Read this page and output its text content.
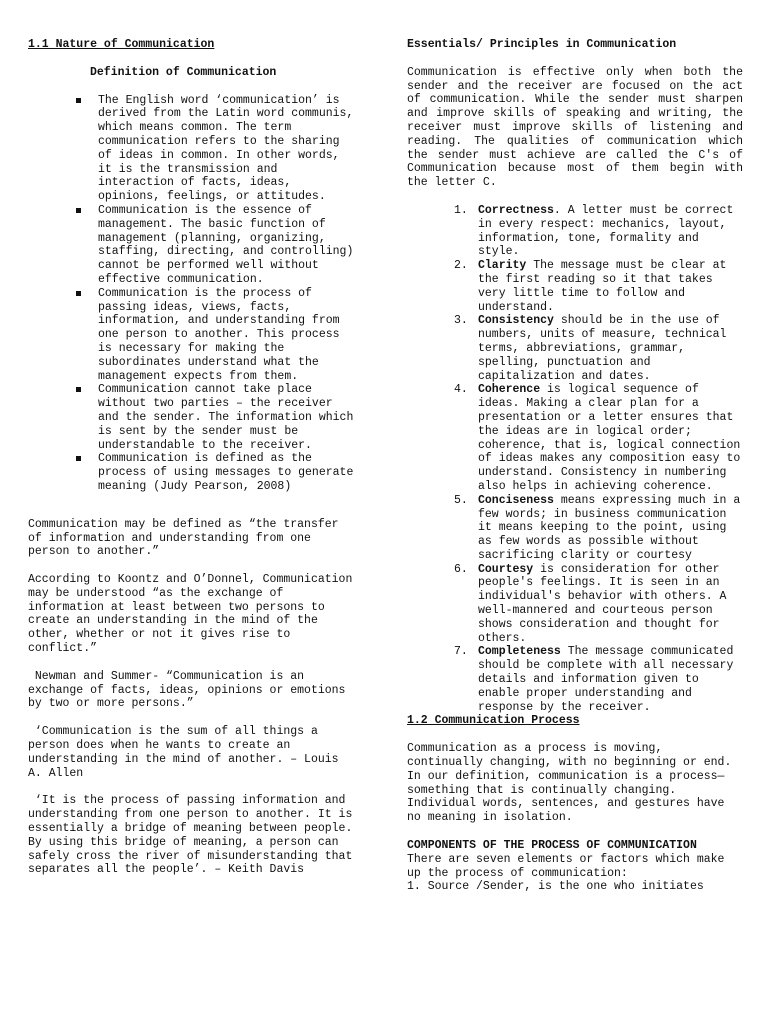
1.1 Nature of Communication
Definition of Communication
The English word ‘communication’ is derived from the Latin word communis, which means common. The term communication refers to the sharing of ideas in common. In other words, it is the transmission and interaction of facts, ideas, opinions, feelings, or attitudes.
Communication is the essence of management. The basic function of management (planning, organizing, staffing, directing, and controlling) cannot be performed well without effective communication.
Communication is the process of passing ideas, views, facts, information, and understanding from one person to another. This process is necessary for making the subordinates understand what the management expects from them.
Communication cannot take place without two parties – the receiver and the sender. The information which is sent by the sender must be understandable to the receiver.
Communication is defined as the process of using messages to generate meaning (Judy Pearson, 2008)

Communication may be defined as “the transfer of information and understanding from one person to another.”

According to Koontz and O’Donnel, Communication may be understood “as the exchange of information at least between two persons to create an understanding in the mind of the other, whether or not it gives rise to conflict.”

Newman and Summer- “Communication is an exchange of facts, ideas, opinions or emotions by two or more persons.”

‘Communication is the sum of all things a person does when he wants to create an understanding in the mind of another. – Louis A. Allen

‘It is the process of passing information and understanding from one person to another. It is essentially a bridge of meaning between people. By using this bridge of meaning, a person can safely cross the river of misunderstanding that separates all the people’. – Keith Davis

Essentials/ Principles in Communication

Communication is effective only when both the sender and the receiver are focused on the act of communication. While the sender must sharpen and improve skills of speaking and writing, the receiver must improve skills of listening and reading. The qualities of communication which the sender must achieve are called the C's of Communication because most of them begin with the letter C.

1. Correctness. A letter must be correct in every respect: mechanics, layout, information, tone, formality and style.
2. Clarity The message must be clear at the first reading so it that takes very little time to follow and understand.
3. Consistency should be in the use of numbers, units of measure, technical terms, abbreviations, grammar, spelling, punctuation and capitalization and dates.
4. Coherence is logical sequence of ideas. Making a clear plan for a presentation or a letter ensures that the ideas are in logical order; coherence, that is, logical connection of ideas makes any composition easy to understand. Consistency in numbering also helps in achieving coherence.
5. Conciseness means expressing much in a few words; in business communication it means keeping to the point, using as few words as possible without sacrificing clarity or courtesy
6. Courtesy is consideration for other people's feelings. It is seen in an individual's behavior with others. A well-mannered and courteous person shows consideration and thought for others.
7. Completeness The message communicated should be complete with all necessary details and information given to enable proper understanding and response by the receiver.
1.2 Communication Process

Communication as a process is moving, continually changing, with no beginning or end. In our definition, communication is a process—something that is continually changing. Individual words, sentences, and gestures have no meaning in isolation.

COMPONENTS OF THE PROCESS OF COMMUNICATION

There are seven elements or factors which make up the process of communication:

1. Source /Sender, is the one who initiates
